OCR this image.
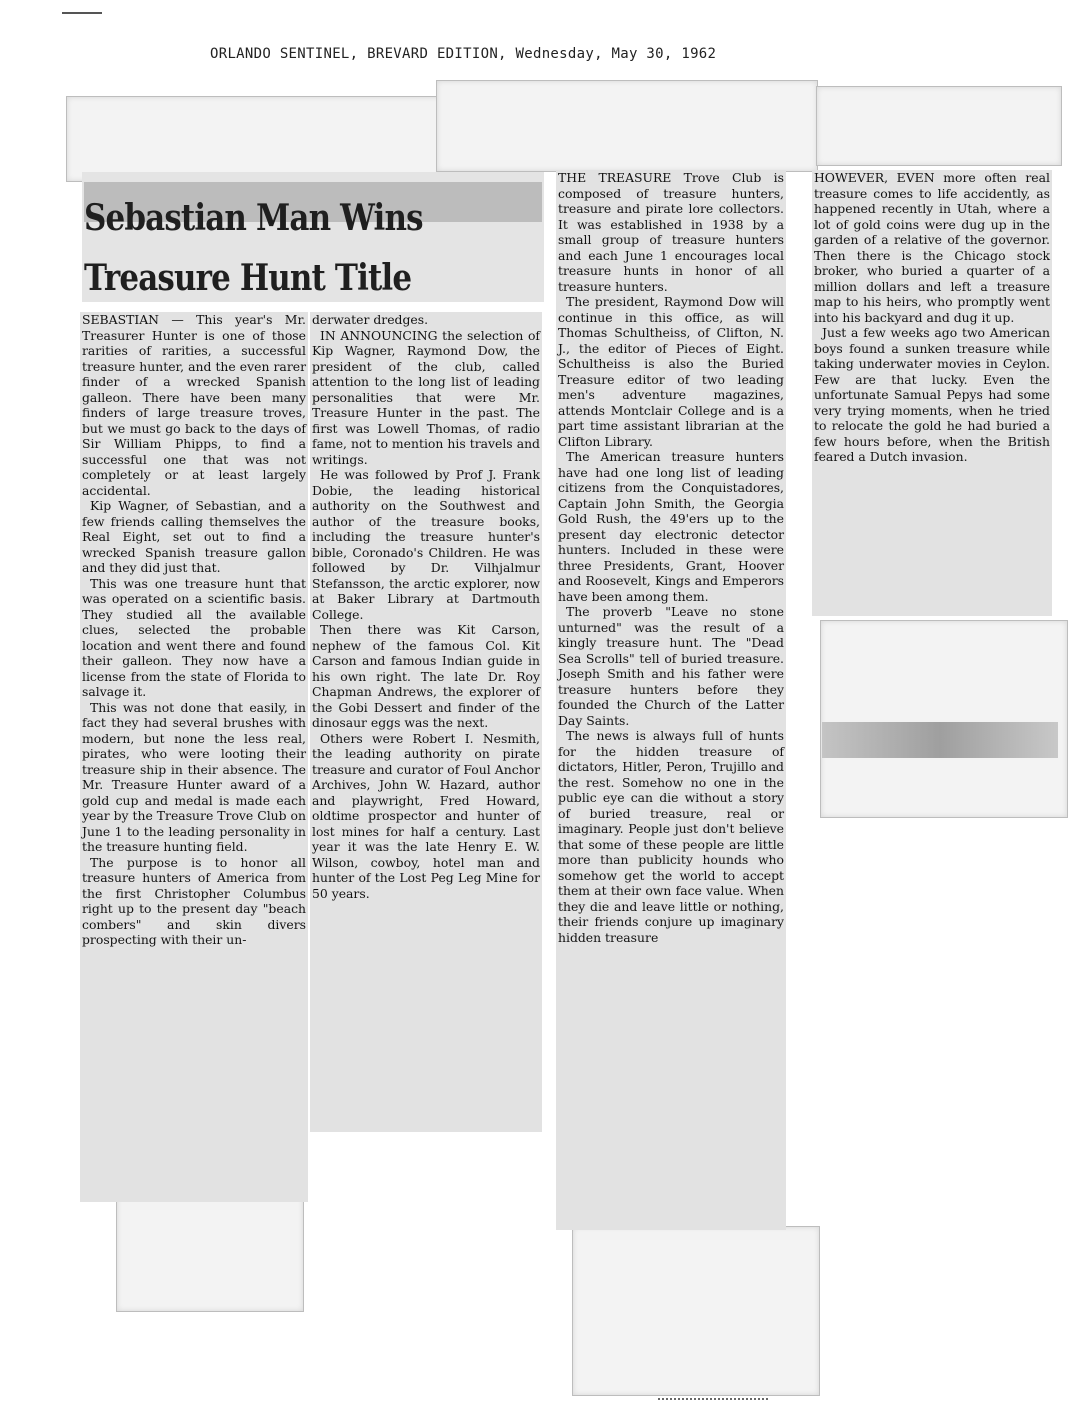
ORLANDO SENTINEL, BREVARD EDITION, Wednesday, May 30, 1962
Sebastian Man Wins
Treasure Hunt Title

SEBASTIAN — This year's Mr. Treasurer Hunter is one of those rarities of rarities, a successful treasure hunter, and the even rarer finder of a wrecked Spanish galleon. There have been many finders of large treasure troves, but we must go back to the days of Sir William Phipps, to find a successful one that was not completely or at least largely accidental.

Kip Wagner, of Sebastian, and a few friends calling themselves the Real Eight, set out to find a wrecked Spanish treasure gallon and they did just that.

This was one treasure hunt that was operated on a scientific basis. They studied all the available clues, selected the probable location and went there and found their galleon. They now have a license from the state of Florida to salvage it.

This was not done that easily, in fact they had several brushes with modern, but none the less real, pirates, who were looting their treasure ship in their absence. The Mr. Treasure Hunter award of a gold cup and medal is made each year by the Treasure Trove Club on June 1 to the leading personality in the treasure hunting field.

The purpose is to honor all treasure hunters of America from the first Christopher Columbus right up to the present day "beach combers" and skin divers prospecting with their un-

derwater dredges.

IN ANNOUNCING the selection of Kip Wagner, Raymond Dow, the president of the club, called attention to the long list of leading personalities that were Mr. Treasure Hunter in the past. The first was Lowell Thomas, of radio fame, not to mention his travels and writings.

He was followed by Prof J. Frank Dobie, the leading historical authority on the Southwest and author of the treasure books, including the treasure hunter's bible, Coronado's Children. He was followed by Dr. Vilhjalmur Stefansson, the arctic explorer, now at Baker Library at Dartmouth College.

Then there was Kit Carson, nephew of the famous Col. Kit Carson and famous Indian guide in his own right. The late Dr. Roy Chapman Andrews, the explorer of the Gobi Dessert and finder of the dinosaur eggs was the next.

Others were Robert I. Nesmith, the leading authority on pirate treasure and curator of Foul Anchor Archives, John W. Hazard, author and playwright, Fred Howard, oldtime prospector and hunter of lost mines for half a century. Last year it was the late Henry E. W. Wilson, cowboy, hotel man and hunter of the Lost Peg Leg Mine for 50 years.

THE TREASURE Trove Club is composed of treasure hunters, treasure and pirate lore collectors. It was established in 1938 by a small group of treasure hunters and each June 1 encourages local treasure hunts in honor of all treasure hunters.

The president, Raymond Dow will continue in this office, as will Thomas Schultheiss, of Clifton, N. J., the editor of Pieces of Eight. Schultheiss is also the Buried Treasure editor of two leading men's adventure magazines, attends Montclair College and is a part time assistant librarian at the Clifton Library.

The American treasure hunters have had one long list of leading citizens from the Conquistadores, Captain John Smith, the Georgia Gold Rush, the 49'ers up to the present day electronic detector hunters. Included in these were three Presidents, Grant, Hoover and Roosevelt, Kings and Emperors have been among them.

The proverb "Leave no stone unturned" was the result of a kingly treasure hunt. The "Dead Sea Scrolls" tell of buried treasure. Joseph Smith and his father were treasure hunters before they founded the Church of the Latter Day Saints.

The news is always full of hunts for the hidden treasure of dictators, Hitler, Peron, Trujillo and the rest. Somehow no one in the public eye can die without a story of buried treasure, real or imaginary. People just don't believe that some of these people are little more than publicity hounds who somehow get the world to accept them at their own face value. When they die and leave little or nothing, their friends conjure up imaginary hidden treasure

HOWEVER, EVEN more often real treasure comes to life accidently, as happened recently in Utah, where a lot of gold coins were dug up in the garden of a relative of the governor. Then there is the Chicago stock broker, who buried a quarter of a million dollars and left a treasure map to his heirs, who promptly went into his backyard and dug it up.

Just a few weeks ago two American boys found a sunken treasure while taking underwater movies in Ceylon. Few are that lucky. Even the unfortunate Samual Pepys had some very trying moments, when he tried to relocate the gold he had buried a few hours before, when the British feared a Dutch invasion.
